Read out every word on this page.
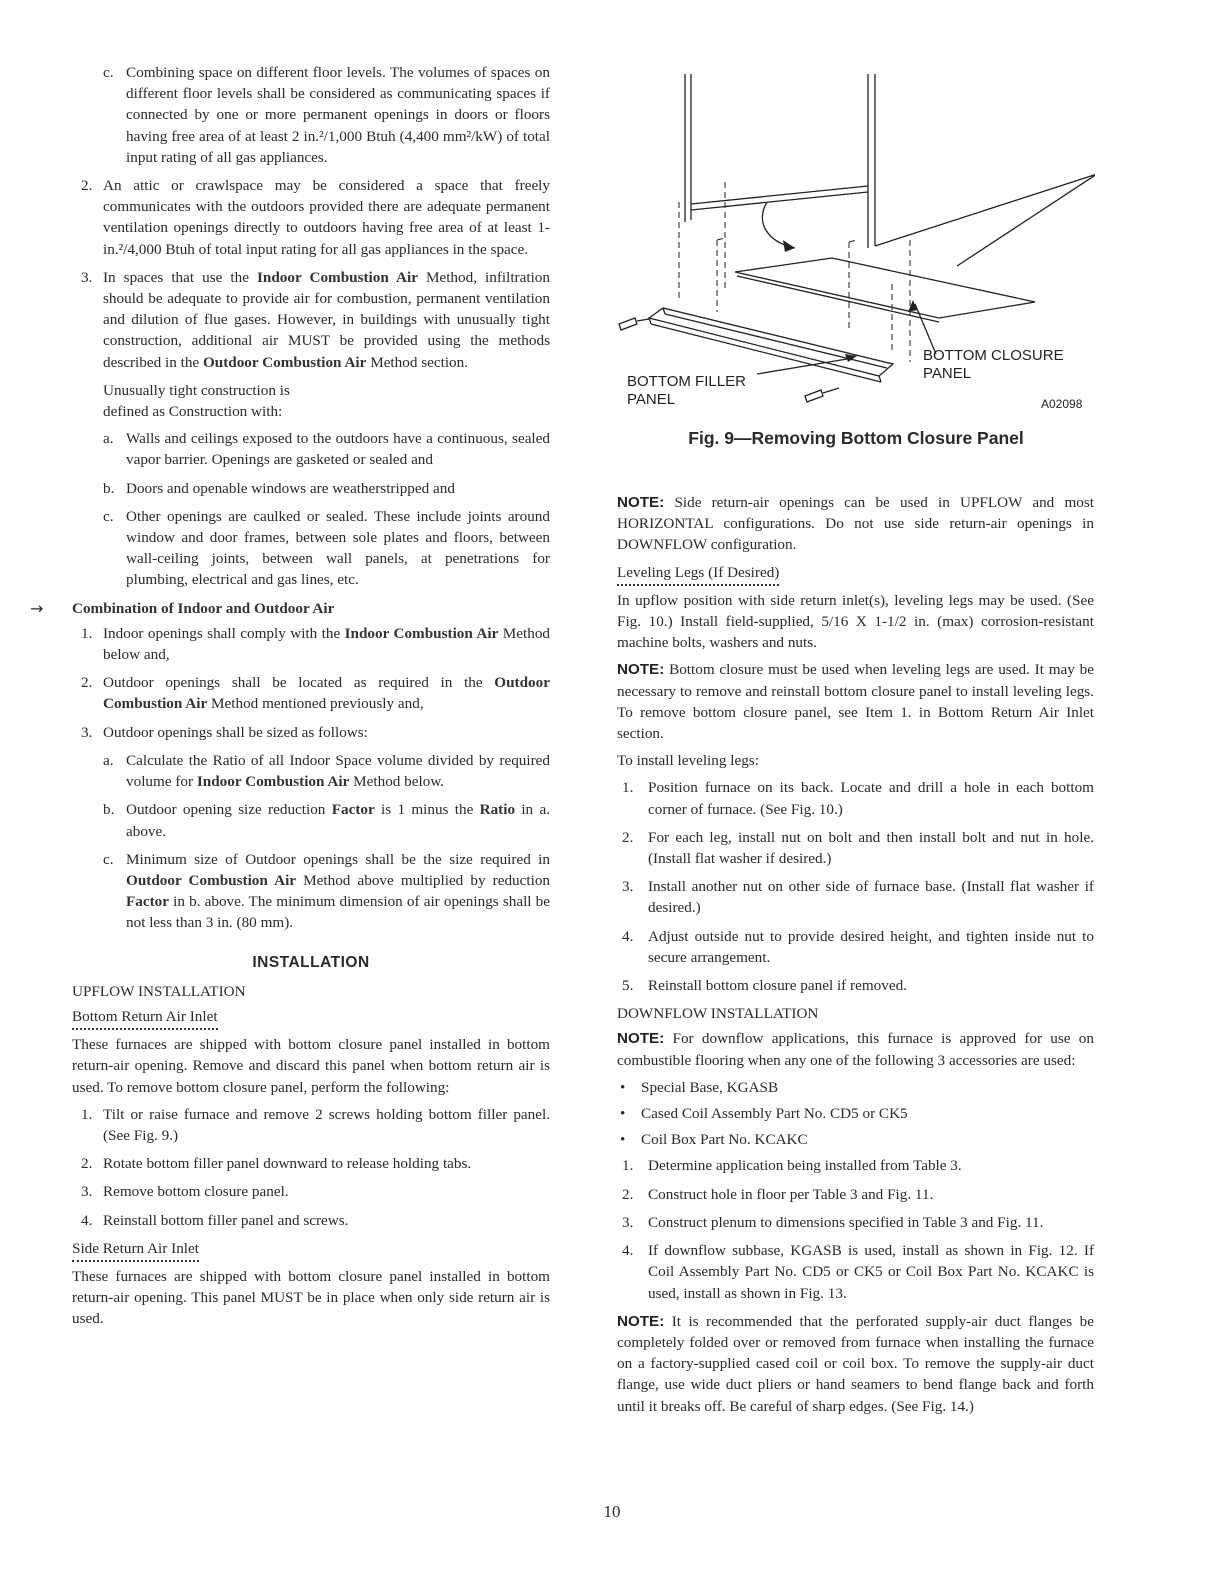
c. Combining space on different floor levels. The volumes of spaces on different floor levels shall be considered as communicating spaces if connected by one or more permanent openings in doors or floors having free area of at least 2 in.²/1,000 Btuh (4,400 mm²/kW) of total input rating of all gas appliances.
2. An attic or crawlspace may be considered a space that freely communicates with the outdoors provided there are adequate permanent ventilation openings directly to outdoors having free area of at least 1-in.²/4,000 Btuh of total input rating for all gas appliances in the space.
3. In spaces that use the Indoor Combustion Air Method, infiltration should be adequate to provide air for combustion, permanent ventilation and dilution of flue gases. However, in buildings with unusually tight construction, additional air MUST be provided using the methods described in the Outdoor Combustion Air Method section.

Unusually tight construction is defined as Construction with:

a. Walls and ceilings exposed to the outdoors have a continuous, sealed vapor barrier. Openings are gasketed or sealed and
b. Doors and openable windows are weatherstripped and
c. Other openings are caulked or sealed. These include joints around window and door frames, between sole plates and floors, between wall-ceiling joints, between wall panels, at penetrations for plumbing, electrical and gas lines, etc.
→ Combination of Indoor and Outdoor Air
1. Indoor openings shall comply with the Indoor Combustion Air Method below and,
2. Outdoor openings shall be located as required in the Outdoor Combustion Air Method mentioned previously and,
3. Outdoor openings shall be sized as follows:
a. Calculate the Ratio of all Indoor Space volume divided by required volume for Indoor Combustion Air Method below.
b. Outdoor opening size reduction Factor is 1 minus the Ratio in a. above.
c. Minimum size of Outdoor openings shall be the size required in Outdoor Combustion Air Method above multiplied by reduction Factor in b. above. The minimum dimension of air openings shall be not less than 3 in. (80 mm).
INSTALLATION
UPFLOW INSTALLATION
Bottom Return Air Inlet

These furnaces are shipped with bottom closure panel installed in bottom return-air opening. Remove and discard this panel when bottom return air is used. To remove bottom closure panel, perform the following:

1. Tilt or raise furnace and remove 2 screws holding bottom filler panel. (See Fig. 9.)
2. Rotate bottom filler panel downward to release holding tabs.
3. Remove bottom closure panel.
4. Reinstall bottom filler panel and screws.
Side Return Air Inlet

These furnaces are shipped with bottom closure panel installed in bottom return-air opening. This panel MUST be in place when only side return air is used.

BOTTOM FILLER
PANEL
BOTTOM CLOSURE
PANEL
A02098
Fig. 9—Removing Bottom Closure Panel

NOTE: Side return-air openings can be used in UPFLOW and most HORIZONTAL configurations. Do not use side return-air openings in DOWNFLOW configuration.

Leveling Legs (If Desired)

In upflow position with side return inlet(s), leveling legs may be used. (See Fig. 10.) Install field-supplied, 5/16 X 1-1/2 in. (max) corrosion-resistant machine bolts, washers and nuts.

NOTE: Bottom closure must be used when leveling legs are used. It may be necessary to remove and reinstall bottom closure panel to install leveling legs. To remove bottom closure panel, see Item 1. in Bottom Return Air Inlet section.

To install leveling legs:

1. Position furnace on its back. Locate and drill a hole in each bottom corner of furnace. (See Fig. 10.)
2. For each leg, install nut on bolt and then install bolt and nut in hole. (Install flat washer if desired.)
3. Install another nut on other side of furnace base. (Install flat washer if desired.)
4. Adjust outside nut to provide desired height, and tighten inside nut to secure arrangement.
5. Reinstall bottom closure panel if removed.
DOWNFLOW INSTALLATION

NOTE: For downflow applications, this furnace is approved for use on combustible flooring when any one of the following 3 accessories are used:

• Special Base, KGASB
• Cased Coil Assembly Part No. CD5 or CK5
• Coil Box Part No. KCAKC
1. Determine application being installed from Table 3.
2. Construct hole in floor per Table 3 and Fig. 11.
3. Construct plenum to dimensions specified in Table 3 and Fig. 11.
4. If downflow subbase, KGASB is used, install as shown in Fig. 12. If Coil Assembly Part No. CD5 or CK5 or Coil Box Part No. KCAKC is used, install as shown in Fig. 13.

NOTE: It is recommended that the perforated supply-air duct flanges be completely folded over or removed from furnace when installing the furnace on a factory-supplied cased coil or coil box. To remove the supply-air duct flange, use wide duct pliers or hand seamers to bend flange back and forth until it breaks off. Be careful of sharp edges. (See Fig. 14.)

10
